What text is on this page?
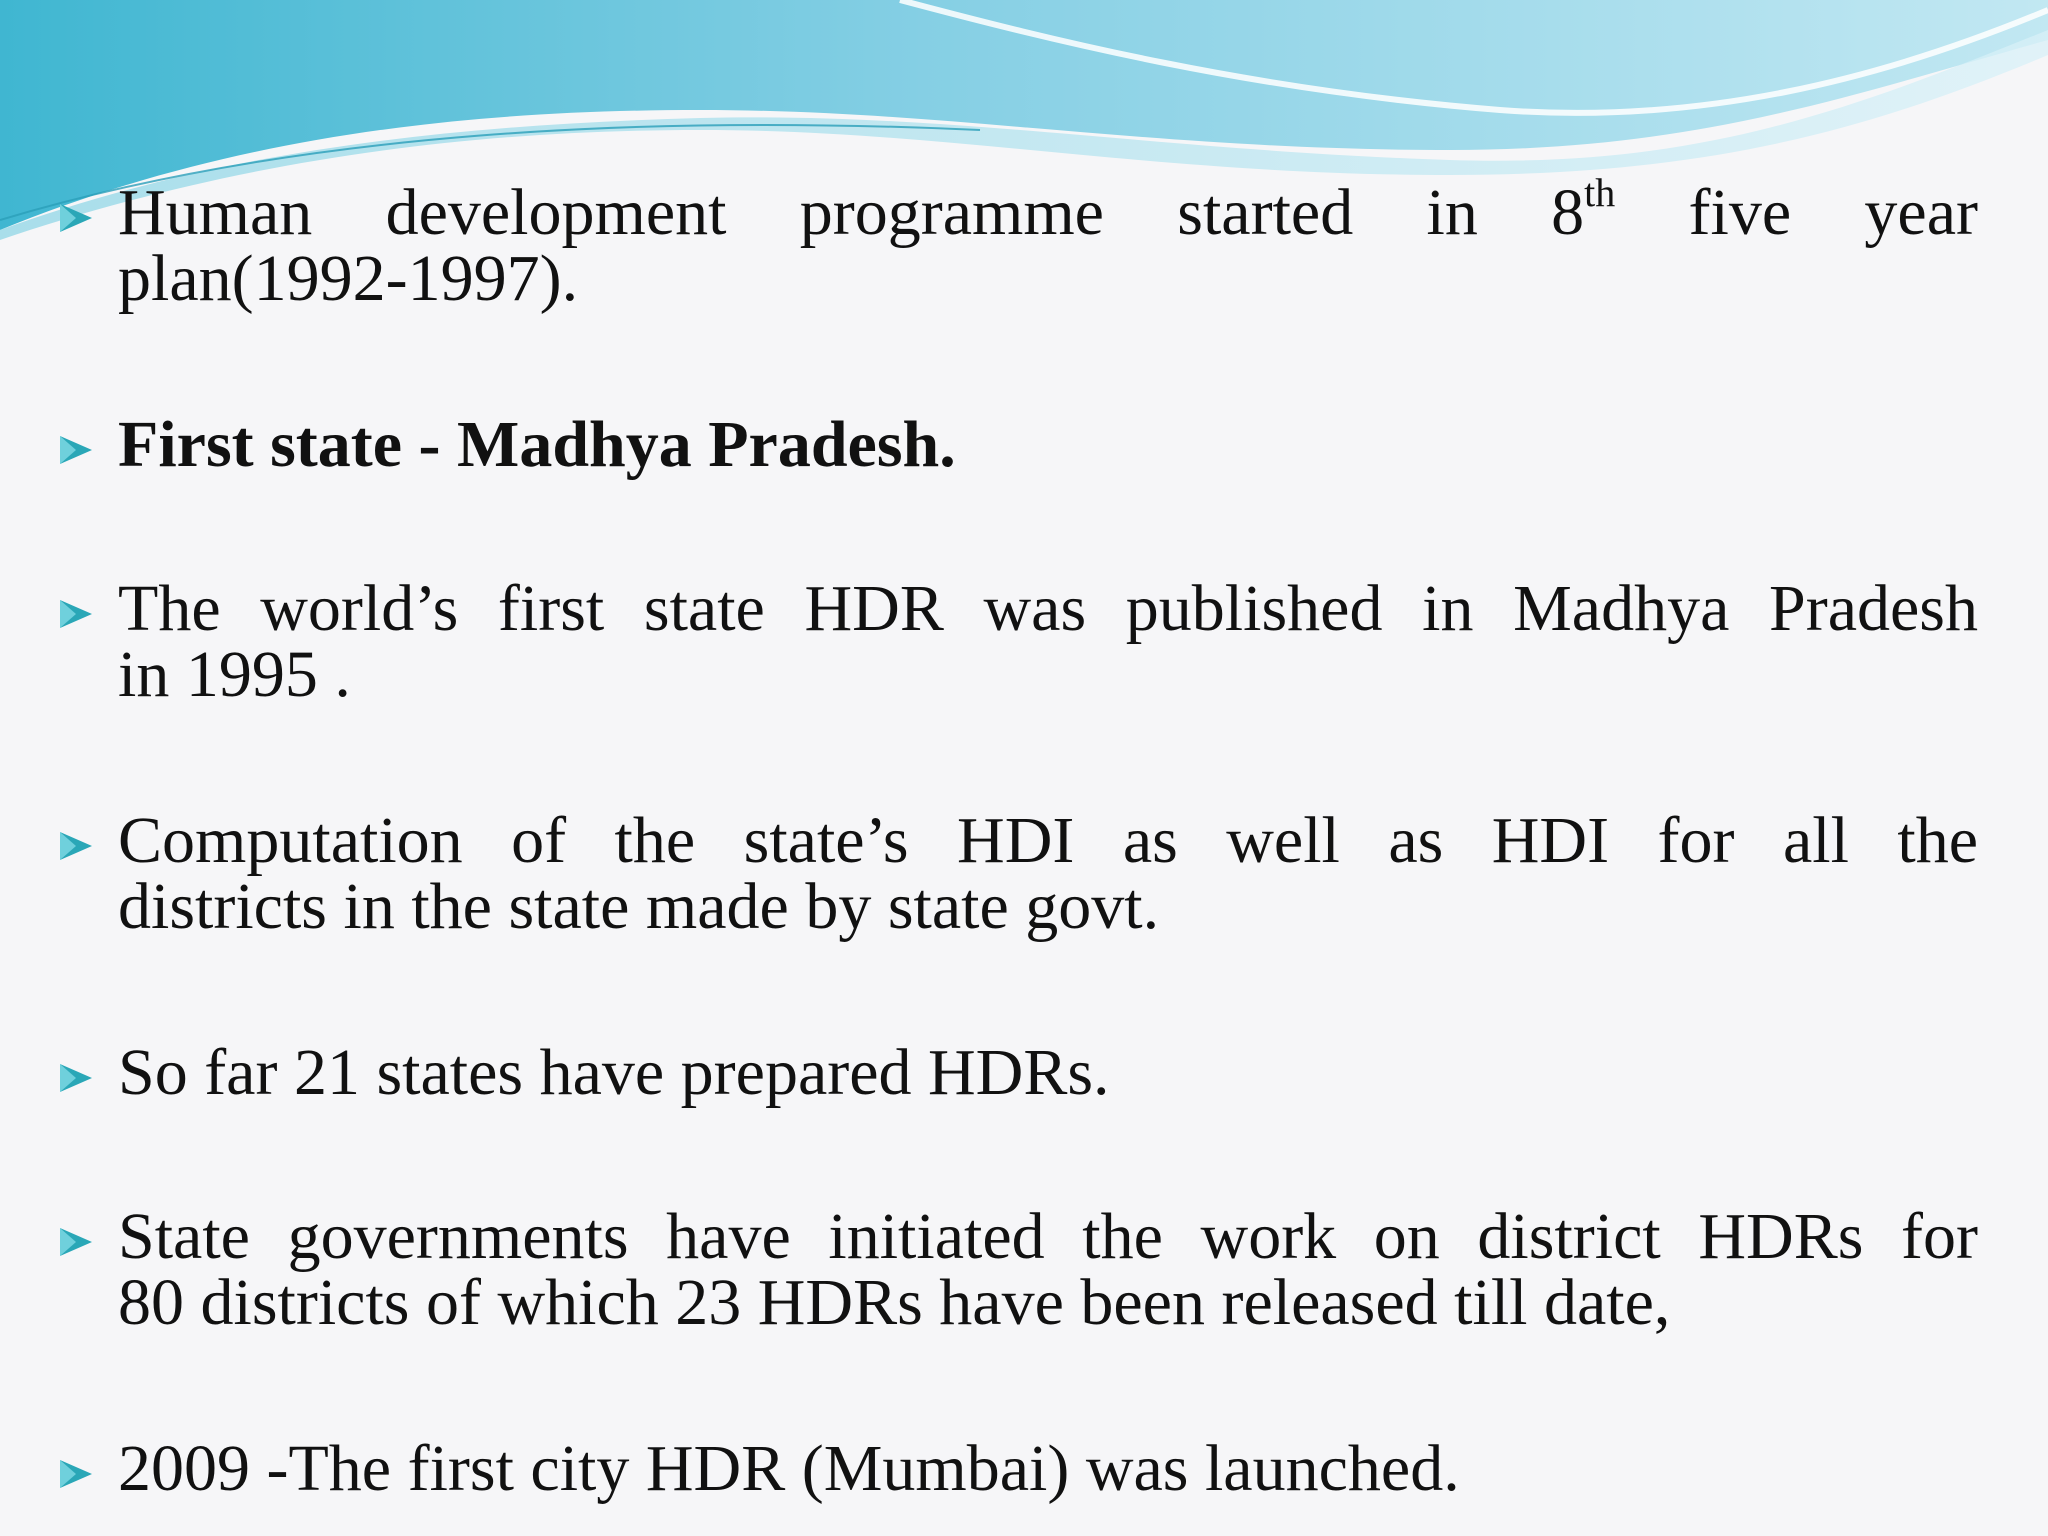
Human development programme started in 8th five year
plan(1992-1997).
First state - Madhya Pradesh.
The world’s first state HDR was published in Madhya Pradesh
in 1995 .
Computation of the state’s HDI as well as HDI for all the
districts in the state made by state govt.
So far 21 states have prepared HDRs.
State governments have initiated the work on district HDRs for
80 districts of which 23 HDRs have been released till date,
2009 -The first city HDR (Mumbai) was launched.
